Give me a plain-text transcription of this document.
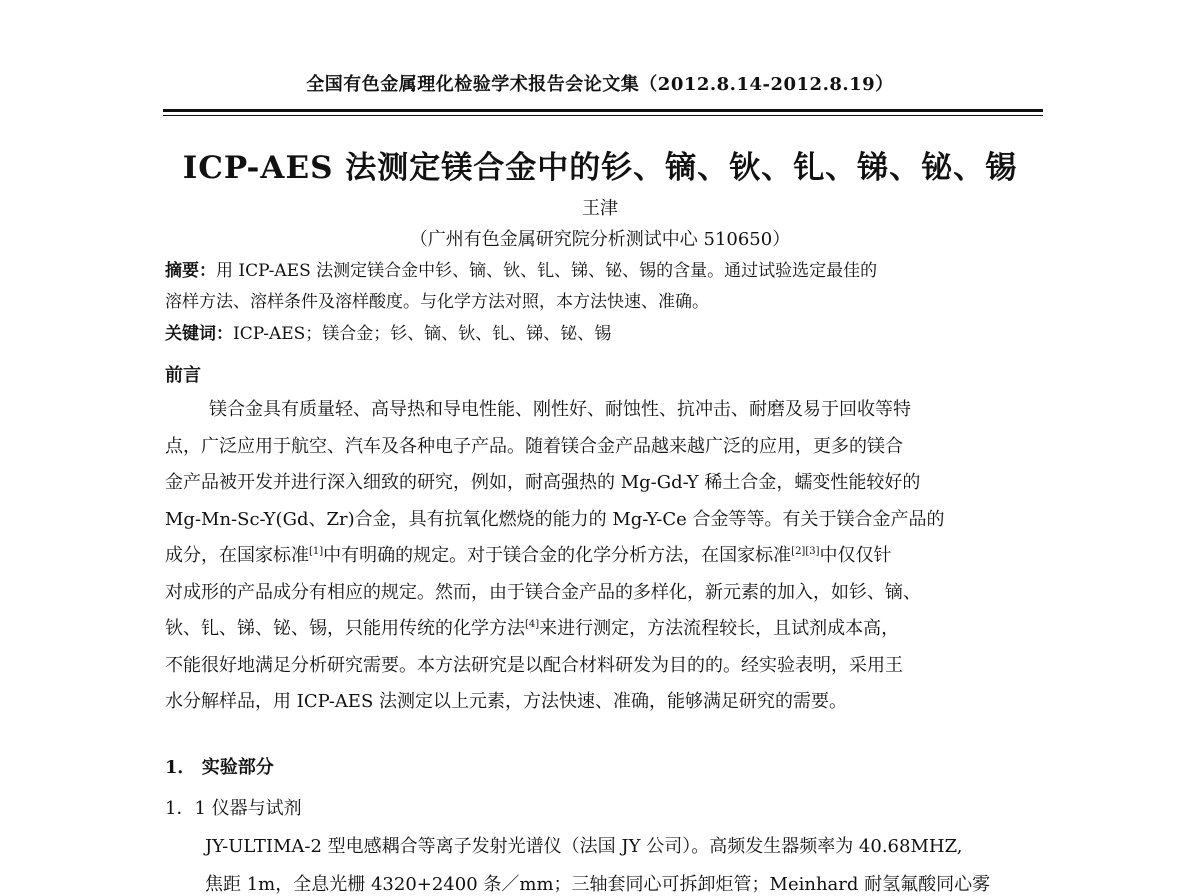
全国有色金属理化检验学术报告会论文集（2012.8.14-2012.8.19）
ICP-AES 法测定镁合金中的钐、镝、钬、钆、锑、铋、锡
王津
（广州有色金属研究院分析测试中心 510650）
摘要：用 ICP-AES 法测定镁合金中钐、镝、钬、钆、锑、铋、锡的含量。通过试验选定最佳的
溶样方法、溶样条件及溶样酸度。与化学方法对照，本方法快速、准确。
关键词：ICP-AES；镁合金；钐、镝、钬、钆、锑、铋、锡
前言
镁合金具有质量轻、高导热和导电性能、刚性好、耐蚀性、抗冲击、耐磨及易于回收等特
点，广泛应用于航空、汽车及各种电子产品。随着镁合金产品越来越广泛的应用，更多的镁合
金产品被开发并进行深入细致的研究，例如，耐高强热的 Mg-Gd-Y 稀土合金，蠕变性能较好的
Mg-Mn-Sc-Y(Gd、Zr)合金，具有抗氧化燃烧的能力的 Mg-Y-Ce 合金等等。有关于镁合金产品的
成分，在国家标准[1]中有明确的规定。对于镁合金的化学分析方法，在国家标准[2][3]中仅仅针
对成形的产品成分有相应的规定。然而，由于镁合金产品的多样化，新元素的加入，如钐、镝、
钬、钆、锑、铋、锡，只能用传统的化学方法[4]来进行测定，方法流程较长，且试剂成本高，
不能很好地满足分析研究需要。本方法研究是以配合材料研发为目的的。经实验表明，采用王
水分解样品，用 ICP-AES 法测定以上元素，方法快速、准确，能够满足研究的需要。
1． 实验部分
1．1 仪器与试剂
JY-ULTIMA-2 型电感耦合等离子发射光谱仪（法国 JY 公司）。高频发生器频率为 40.68MHZ,
焦距 1m，全息光栅 4320+2400 条／mm；三轴套同心可拆卸炬管；Meinhard 耐氢氟酸同心雾
